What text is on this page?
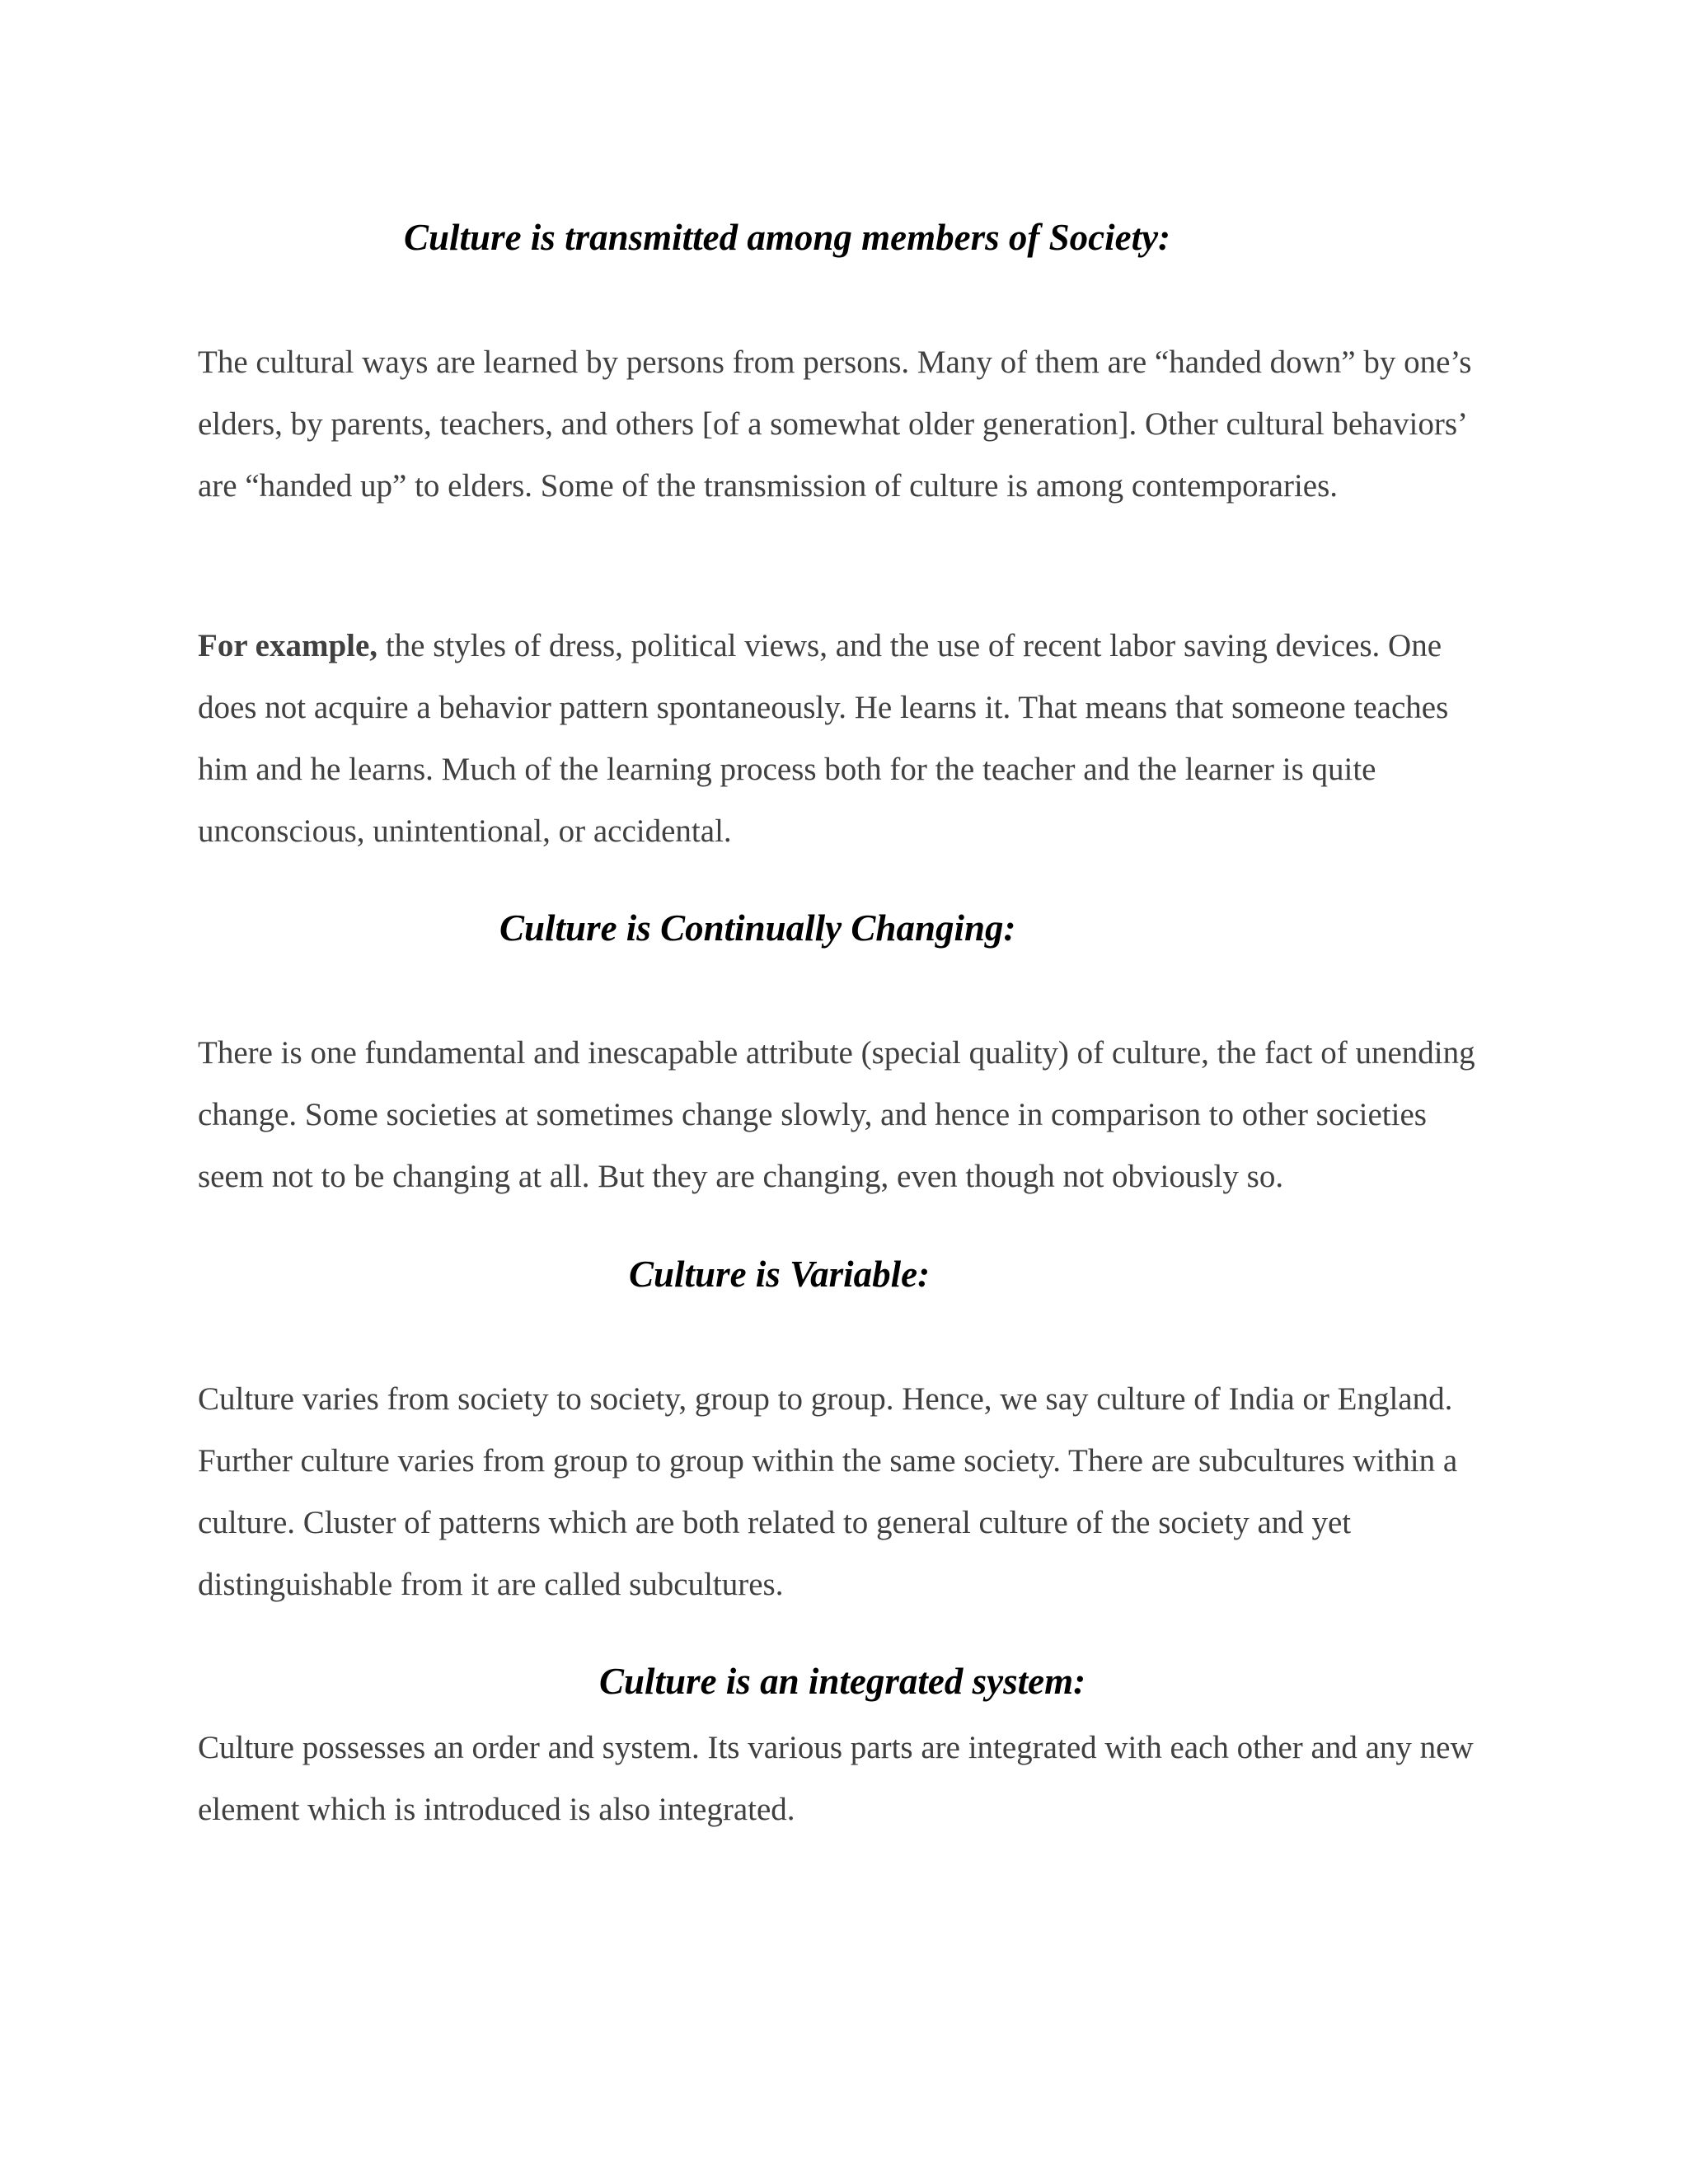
Culture is transmitted among members of Society:

The cultural ways are learned by persons from persons. Many of them are “handed down” by one’s elders, by parents, teachers, and others [of a somewhat older generation]. Other cultural behaviors’ are “handed up” to elders. Some of the transmission of culture is among contemporaries.

For example, the styles of dress, political views, and the use of recent labor saving devices. One does not acquire a behavior pattern spontaneously. He learns it. That means that someone teaches him and he learns. Much of the learning process both for the teacher and the learner is quite unconscious, unintentional, or accidental.

Culture is Continually Changing:

There is one fundamental and inescapable attribute (special quality) of culture, the fact of unending change. Some societies at sometimes change slowly, and hence in comparison to other societies seem not to be changing at all. But they are changing, even though not obviously so.

Culture is Variable:

Culture varies from society to society, group to group. Hence, we say culture of India or England. Further culture varies from group to group within the same society. There are subcultures within a culture. Cluster of patterns which are both related to general culture of the society and yet distinguishable from it are called subcultures.

Culture is an integrated system:

Culture possesses an order and system. Its various parts are integrated with each other and any new element which is introduced is also integrated.
